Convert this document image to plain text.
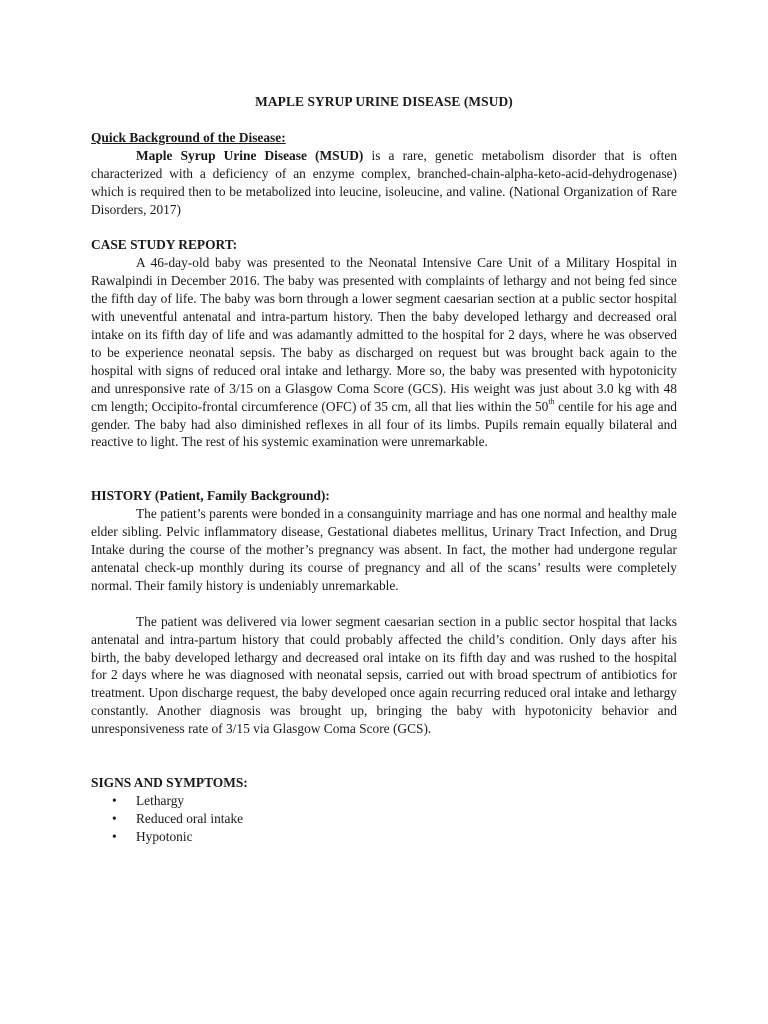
MAPLE SYRUP URINE DISEASE (MSUD)
Quick Background of the Disease:

Maple Syrup Urine Disease (MSUD) is a rare, genetic metabolism disorder that is often characterized with a deficiency of an enzyme complex, branched-chain-alpha-keto-acid-dehydrogenase) which is required then to be metabolized into leucine, isoleucine, and valine. (National Organization of Rare Disorders, 2017)

CASE STUDY REPORT:

A 46-day-old baby was presented to the Neonatal Intensive Care Unit of a Military Hospital in Rawalpindi in December 2016. The baby was presented with complaints of lethargy and not being fed since the fifth day of life. The baby was born through a lower segment caesarian section at a public sector hospital with uneventful antenatal and intra-partum history. Then the baby developed lethargy and decreased oral intake on its fifth day of life and was adamantly admitted to the hospital for 2 days, where he was observed to be experience neonatal sepsis. The baby as discharged on request but was brought back again to the hospital with signs of reduced oral intake and lethargy. More so, the baby was presented with hypotonicity and unresponsive rate of 3/15 on a Glasgow Coma Score (GCS). His weight was just about 3.0 kg with 48 cm length; Occipito-frontal circumference (OFC) of 35 cm, all that lies within the 50th centile for his age and gender. The baby had also diminished reflexes in all four of its limbs. Pupils remain equally bilateral and reactive to light. The rest of his systemic examination were unremarkable.

HISTORY (Patient, Family Background):

The patient’s parents were bonded in a consanguinity marriage and has one normal and healthy male elder sibling. Pelvic inflammatory disease, Gestational diabetes mellitus, Urinary Tract Infection, and Drug Intake during the course of the mother’s pregnancy was absent. In fact, the mother had undergone regular antenatal check-up monthly during its course of pregnancy and all of the scans’ results were completely normal. Their family history is undeniably unremarkable.

The patient was delivered via lower segment caesarian section in a public sector hospital that lacks antenatal and intra-partum history that could probably affected the child’s condition. Only days after his birth, the baby developed lethargy and decreased oral intake on its fifth day and was rushed to the hospital for 2 days where he was diagnosed with neonatal sepsis, carried out with broad spectrum of antibiotics for treatment. Upon discharge request, the baby developed once again recurring reduced oral intake and lethargy constantly. Another diagnosis was brought up, bringing the baby with hypotonicity behavior and unresponsiveness rate of 3/15 via Glasgow Coma Score (GCS).

SIGNS AND SYMPTOMS:
• Lethargy
• Reduced oral intake
• Hypotonic
